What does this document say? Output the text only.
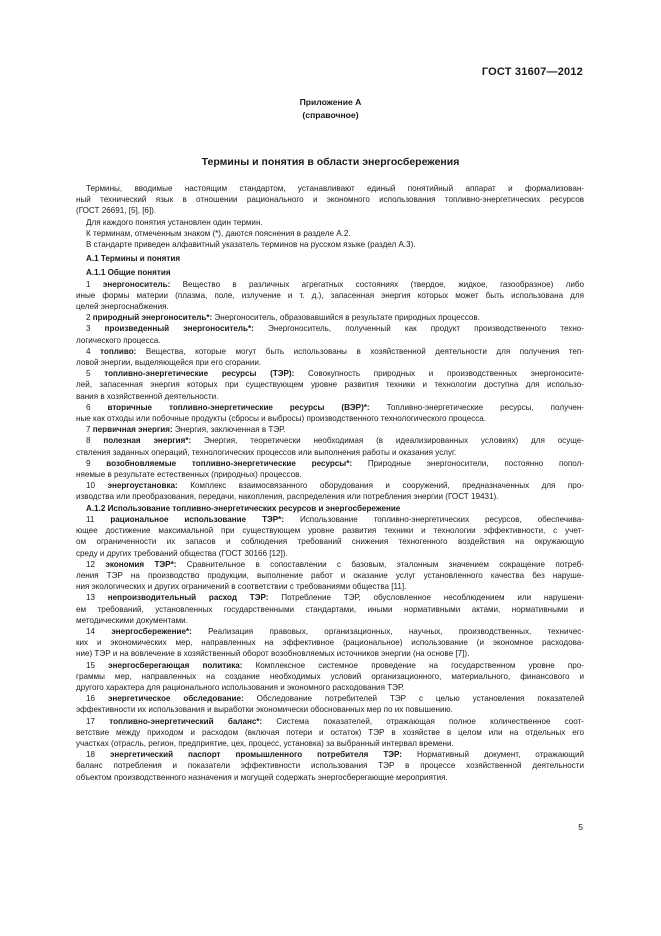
ГОСТ 31607—2012
Приложение А
(справочное)
Термины и понятия в области энергосбережения
Термины, вводимые настоящим стандартом, устанавливают единый понятийный аппарат и формализован-
ный технический язык в отношении рационального и экономного использования топливно-энергетических ресурсов
(ГОСТ 26691, [5], [6]).
Для каждого понятия установлен один термин.
К терминам, отмеченным знаком (*), даются пояснения в разделе А.2.
В стандарте приведен алфавитный указатель терминов на русском языке (раздел А.3).
А.1 Термины и понятия
А.1.1 Общие понятия
1 энергоноситель: Вещество в различных агрегатных состояниях (твердое, жидкое, газообразное) либо
иные формы материи (плазма, поле, излучение и т. д.), запасенная энергия которых может быть использована для
целей энергоснабжения.
2 природный энергоноситель*: Энергоноситель, образовавшийся в результате природных процессов.
3 произведенный энергоноситель*: Энергоноситель, полученный как продукт производственного техно-
логического процесса.
4 топливо: Вещества, которые могут быть использованы в хозяйственной деятельности для получения теп-
ловой энергии, выделяющейся при его сгорании.
5 топливно-энергетические ресурсы (ТЭР): Совокупность природных и производственных энергоносите-
лей, запасенная энергия которых при существующем уровне развития техники и технологии доступна для использо-
вания в хозяйственной деятельности.
6 вторичные топливно-энергетические ресурсы (ВЭР)*: Топливно-энергетические ресурсы, получен-
ные как отходы или побочные продукты (сбросы и выбросы) производственного технологического процесса.
7 первичная энергия: Энергия, заключенная в ТЭР.
8 полезная энергия*: Энергия, теоретически необходимая (в идеализированных условиях) для осуще-
ствления заданных операций, технологических процессов или выполнения работы и оказания услуг.
9 возобновляемые топливно-энергетические ресурсы*: Природные энергоносители, постоянно попол-
няемые в результате естественных (природных) процессов.
10 энергоустановка: Комплекс взаимосвязанного оборудования и сооружений, предназначенных для про-
изводства или преобразования, передачи, накопления, распределения или потребления энергии (ГОСТ 19431).
А.1.2 Использование топливно-энергетических ресурсов и энергосбережение
11 рациональное использование ТЭР*: Использование топливно-энергетических ресурсов, обеспечива-
ющее достижение максимальной при существующем уровне развития техники и технологии эффективности, с учет-
ом ограниченности их запасов и соблюдения требований снижения техногенного воздействия на окружающую
среду и других требований общества (ГОСТ 30166 [12]).
12 экономия ТЭР*: Сравнительное в сопоставлении с базовым, эталонным значением сокращение потреб-
ления ТЭР на производство продукции, выполнение работ и оказание услуг установленного качества без наруше-
ния экологических и других ограничений в соответствии с требованиями общества [11].
13 непроизводительный расход ТЭР: Потребление ТЭР, обусловленное несоблюдением или нарушени-
ем требований, установленных государственными стандартами, иными нормативными актами, нормативными и
методическими документами.
14 энергосбережение*: Реализация правовых, организационных, научных, производственных, техничес-
ких и экономических мер, направленных на эффективное (рациональное) использование (и экономное расходова-
ние) ТЭР и на вовлечение в хозяйственный оборот возобновляемых источников энергии (на основе [7]).
15 энергосберегающая политика: Комплексное системное проведение на государственном уровне про-
граммы мер, направленных на создание необходимых условий организационного, материального, финансового и
другого характера для рационального использования и экономного расходования ТЭР.
16 энергетическое обследование: Обследование потребителей ТЭР с целью установления показателей
эффективности их использования и выработки экономически обоснованных мер по их повышению.
17 топливно-энергетический баланс*: Система показателей, отражающая полное количественное соот-
ветствие между приходом и расходом (включая потери и остаток) ТЭР в хозяйстве в целом или на отдельных его
участках (отрасль, регион, предприятие, цех, процесс, установка) за выбранный интервал времени.
18 энергетический паспорт промышленного потребителя ТЭР: Нормативный документ, отражающий
баланс потребления и показатели эффективности использования ТЭР в процессе хозяйственной деятельности
объектом производственного назначения и могущей содержать энергосберегающие мероприятия.
5
